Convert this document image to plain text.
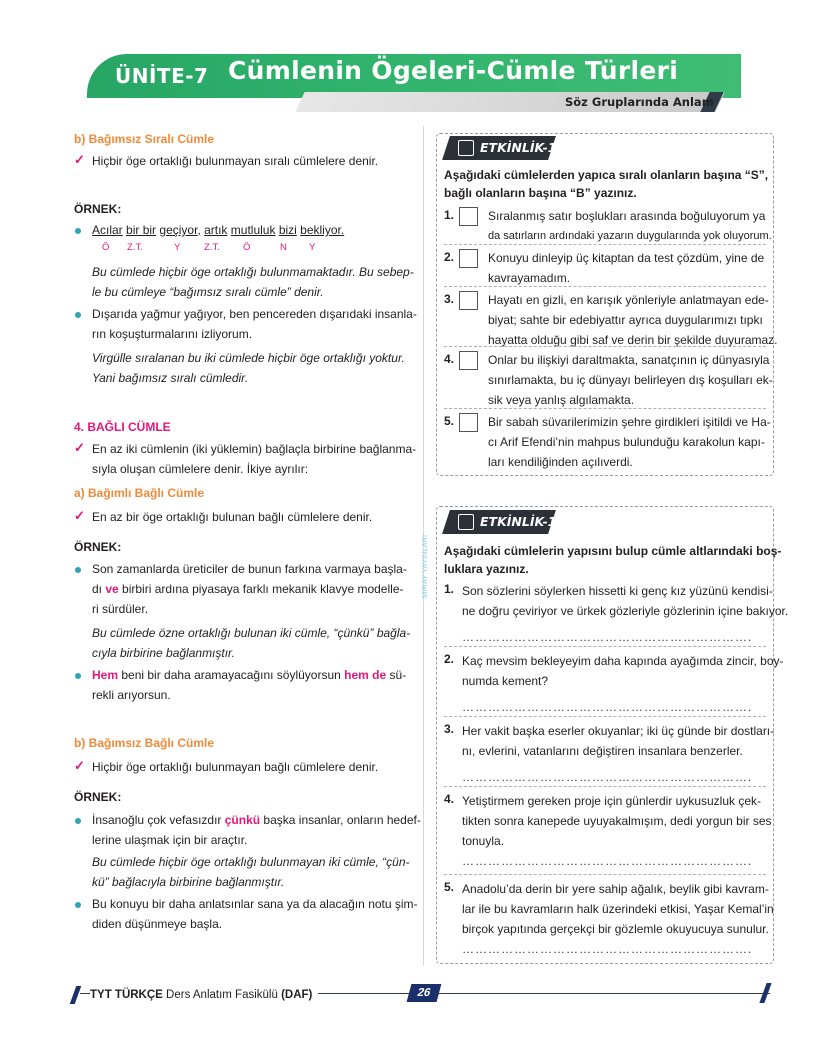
ÜNİTE-7 Cümlenin Ögeleri-Cümle Türleri
Söz Gruplarında Anlam
b) Bağımsız Sıralı Cümle
✓ Hiçbir öge ortaklığı bulunmayan sıralı cümlelere denir.
ÖRNEK:
Acılar bir bir geçiyor, artık mutluluk bizi bekliyor.
Ö Z.T.	Y Z.T. Ö	N Y
Bu cümlede hiçbir öge ortaklığı bulunmamaktadır. Bu sebep-
le bu cümleye “bağımsız sıralı cümle” denir.
Dışarıda yağmur yağıyor, ben pencereden dışarıdaki insanla-
rın koşuşturmalarını izliyorum.
Virgülle sıralanan bu iki cümlede hiçbir öge ortaklığı yoktur.
Yani bağımsız sıralı cümledir.
4. BAĞLI CÜMLE
✓ En az iki cümlenin (iki yüklemin) bağlaçla birbirine bağlanma-
sıyla oluşan cümlelere denir. İkiye ayrılır:
a) Bağımlı Bağlı Cümle
✓ En az bir öge ortaklığı bulunan bağlı cümlelere denir.
ÖRNEK:
Son zamanlarda üreticiler de bunun farkına varmaya başla-
dı ve birbiri ardına piyasaya farklı mekanik klavye modelle-
ri sürdüler.
Bu cümlede özne ortaklığı bulunan iki cümle, “çünkü” bağla-
cıyla birbirine bağlanmıştır.
Hem beni bir daha aramayacağını söylüyorsun hem de sü-
rekli arıyorsun.
b) Bağımsız Bağlı Cümle
✓ Hiçbir öge ortaklığı bulunmayan bağlı cümlelere denir.
ÖRNEK:
İnsanoğlu çok vefasızdır çünkü başka insanlar, onların hedef-
lerine ulaşmak için bir araçtır.
Bu cümlede hiçbir öge ortaklığı bulunmayan iki cümle, “çün-
kü” bağlacıyla birbirine bağlanmıştır.
Bu konuyu bir daha anlatsınlar sana ya da alacağın notu şim-
diden düşünmeye başla.
MİRAY YAYINLARI
ETKİNLİK-17
Aşağıdaki cümlelerden yapıca sıralı olanların başına “S”,
bağlı olanların başına “B” yazınız.
1.	Sıralanmış satır boşlukları arasında boğuluyorum ya
da satırların ardındaki yazarın duygularında yok oluyorum.
2.	Konuyu dinleyip üç kitaptan da test çözdüm, yine de
kavrayamadım.
3.	Hayatı en gizli, en karışık yönleriyle anlatmayan ede-
biyat; sahte bir edebiyattır ayrıca duygularımızı tıpkı
hayatta olduğu gibi saf ve derin bir şekilde duyuramaz.
4.	Onlar bu ilişkiyi daraltmakta, sanatçının iç dünyasıyla
sınırlamakta, bu iç dünyayı belirleyen dış koşulları ek-
sik veya yanlış algılamakta.
5.	Bir sabah süvarilerimizin şehre girdikleri işitildi ve Ha-
cı Arif Efendi’nin mahpus bulunduğu karakolun kapı-
ları kendiliğinden açılıverdi.
ETKİNLİK-18
Aşağıdaki cümlelerin yapısını bulup cümle altlarındaki boş-
luklara yazınız.
1. Son sözlerini söylerken hissetti ki genç kız yüzünü kendisi-
ne doğru çeviriyor ve ürkek gözleriyle gözlerinin içine bakıyor.
………………………………………………………….
2. Kaç mevsim bekleyeyim daha kapında ayağımda zincir, boy-
numda kement?
………………………………………………………….
3. Her vakit başka eserler okuyanlar; iki üç günde bir dostları-
nı, evlerini, vatanlarını değiştiren insanlara benzerler.
………………………………………………………….
4. Yetiştirmem gereken proje için günlerdir uykusuzluk çek-
tikten sonra kanepede uyuyakalmışım, dedi yorgun bir ses
tonuyla.
………………………………………………………….
5. Anadolu’da derin bir yere sahip ağalık, beylik gibi kavram-
lar ile bu kavramların halk üzerindeki etkisi, Yaşar Kemal’in
birçok yapıtında gerçekçi bir gözlemle okuyucuya sunulur.
………………………………………………………….
TYT TÜRKÇE Ders Anlatım Fasikülü (DAF)	26
